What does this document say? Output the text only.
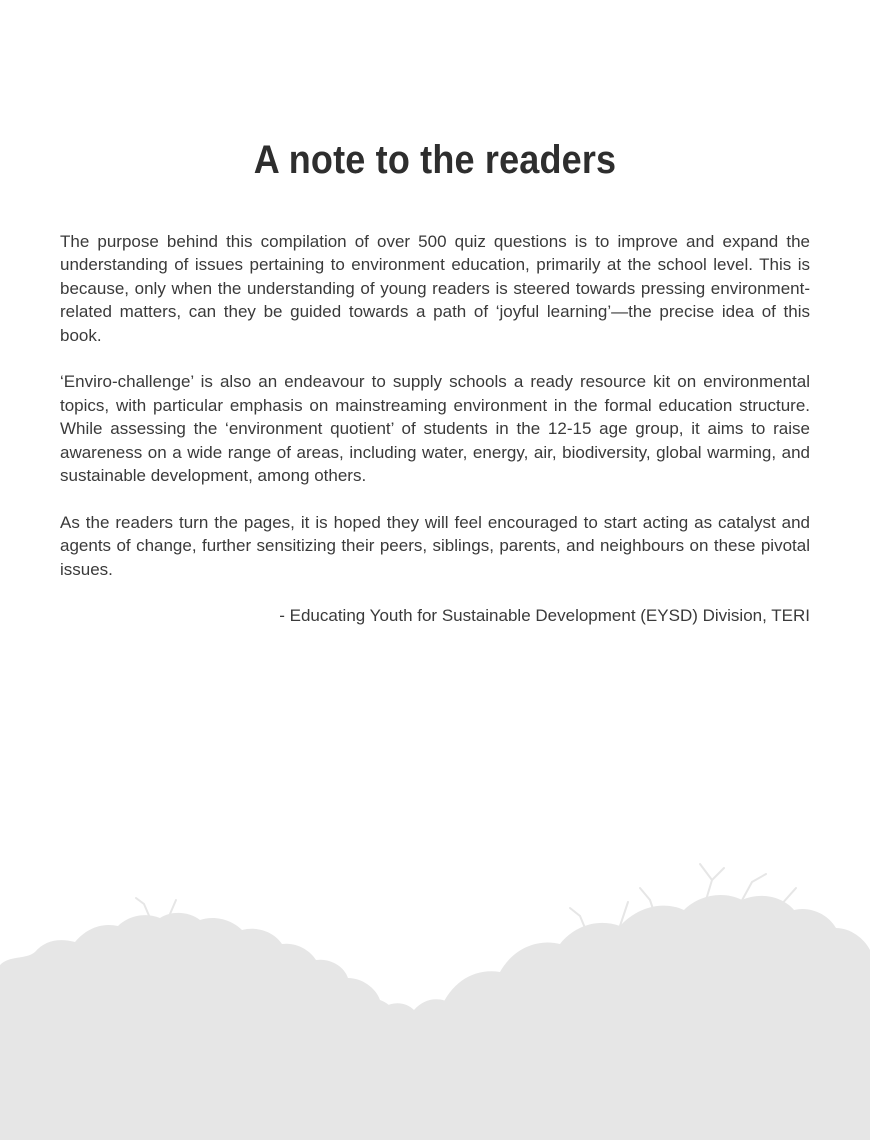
A note to the readers

The purpose behind this compilation of over 500 quiz questions is to improve and expand the understanding of issues pertaining to environment education, primarily at the school level. This is because, only when the understanding of young readers is steered towards pressing environment-related matters, can they be guided towards a path of ‘joyful learning’—the precise idea of this book.

‘Enviro-challenge’ is also an endeavour to supply schools a ready resource kit on environmental topics, with particular emphasis on mainstreaming environment in the formal education structure. While assessing the ‘environment quotient’ of students in the 12-15 age group, it aims to raise awareness on a wide range of areas, including water, energy, air, biodiversity, global warming, and sustainable development, among others.

As the readers turn the pages, it is hoped they will feel encouraged to start acting as catalyst and agents of change, further sensitizing their peers, siblings, parents, and neighbours on these pivotal issues.

- Educating Youth for Sustainable Development (EYSD) Division, TERI
